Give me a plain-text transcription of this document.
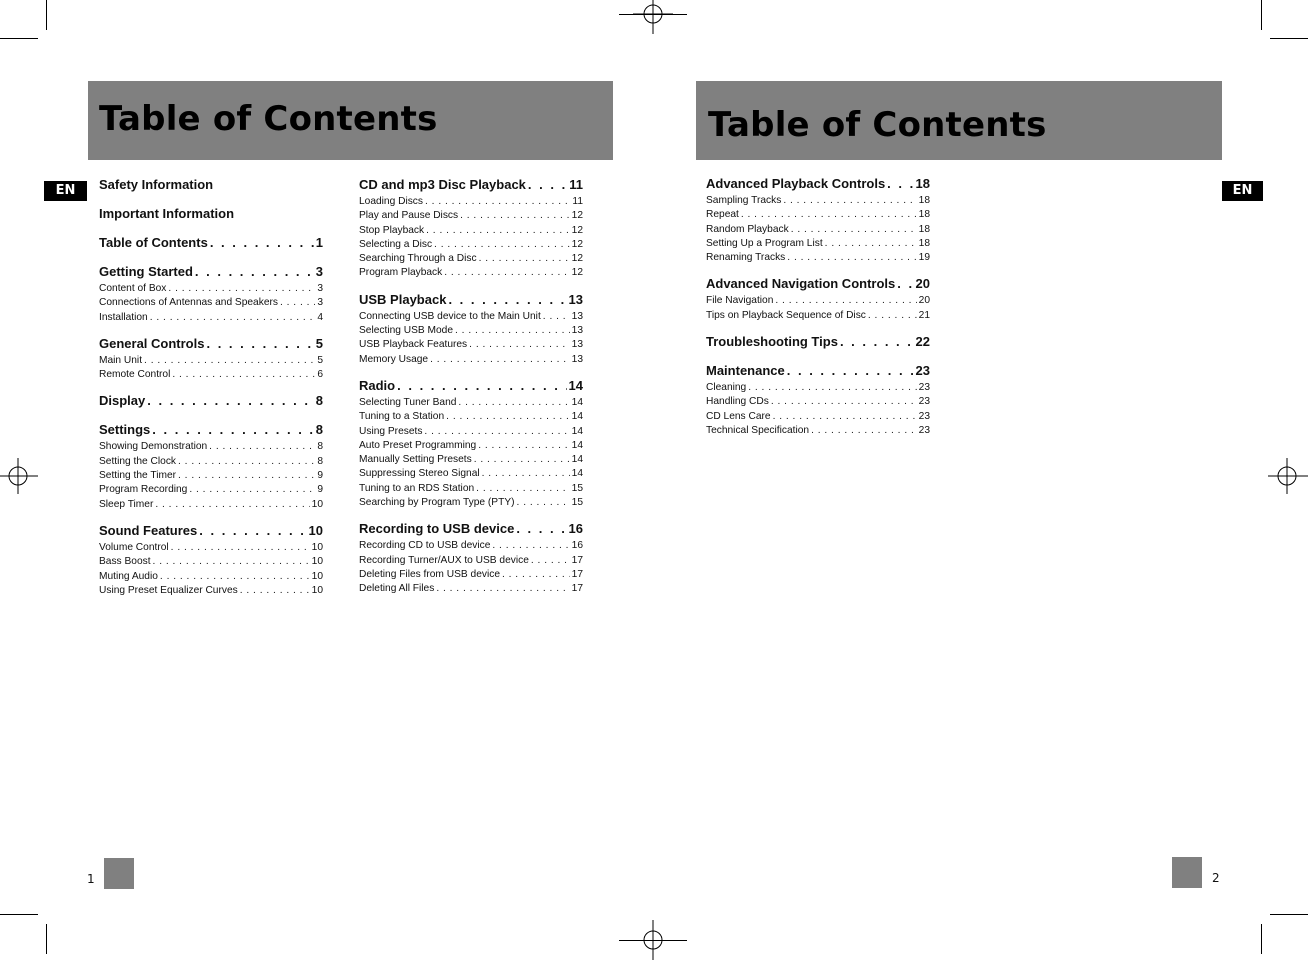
Table of Contents
EN	Safety Information
Important Information
Table of Contents . . .	1
Getting Started . . .	3
Content of Box . . .	3
Connections of Antennas and Speakers . . .	3
Installation . . .	4
General Controls . . .	5
Main Unit . . .	5
Remote Control . . .	6
Display . . .	8
Settings . . .	8
Showing Demonstration . . .	8
Setting the Clock . . .	8
Setting the Timer . . .	9
Program Recording . . .	9
Sleep Timer . . .	10
Sound Features . . .	10
Volume Control . . .	10
Bass Boost . . .	10
Muting Audio . . .	10
Using Preset Equalizer Curves . . .	10
CD and mp3 Disc Playback . . .	11
Loading Discs . . .	11
Play and Pause Discs . . .	12
Stop Playback . . .	12
Selecting a Disc . . .	12
Searching Through a Disc . . .	12
Program Playback . . .	12
USB Playback . . .	13
Connecting USB device to the Main Unit . . .	13
Selecting USB Mode . . .	13
USB Playback Features . . .	13
Memory Usage . . .	13
Radio . . .	14
Selecting Tuner Band . . .	14
Tuning to a Station . . .	14
Using Presets . . .	14
Auto Preset Programming . . .	14
Manually Setting Presets . . .	14
Suppressing Stereo Signal . . .	14
Tuning to an RDS Station . . .	15
Searching by Program Type (PTY) . . .	15
Recording to USB device . . .	16
Recording CD to USB device . . .	16
Recording Turner/AUX to USB device . . .	17
Deleting Files from USB device . . .	17
Deleting All Files . . .	17
1
Table of Contents
EN
Advanced Playback Controls . . . 18
Sampling Tracks . . .	18
Repeat . . .	18
Random Playback . . .	18
Setting Up a Program List . . .	18
Renaming Tracks . . .	19
Advanced Navigation Controls . . . 20
File Navigation . . .	20
Tips on Playback Sequence of Disc . . .	21
Troubleshooting Tips . . .	22
Maintenance . . .	23
Cleaning . . .	23
Handling CDs . . .	23
CD Lens Care . . .	23
Technical Specification . . .	23
2
